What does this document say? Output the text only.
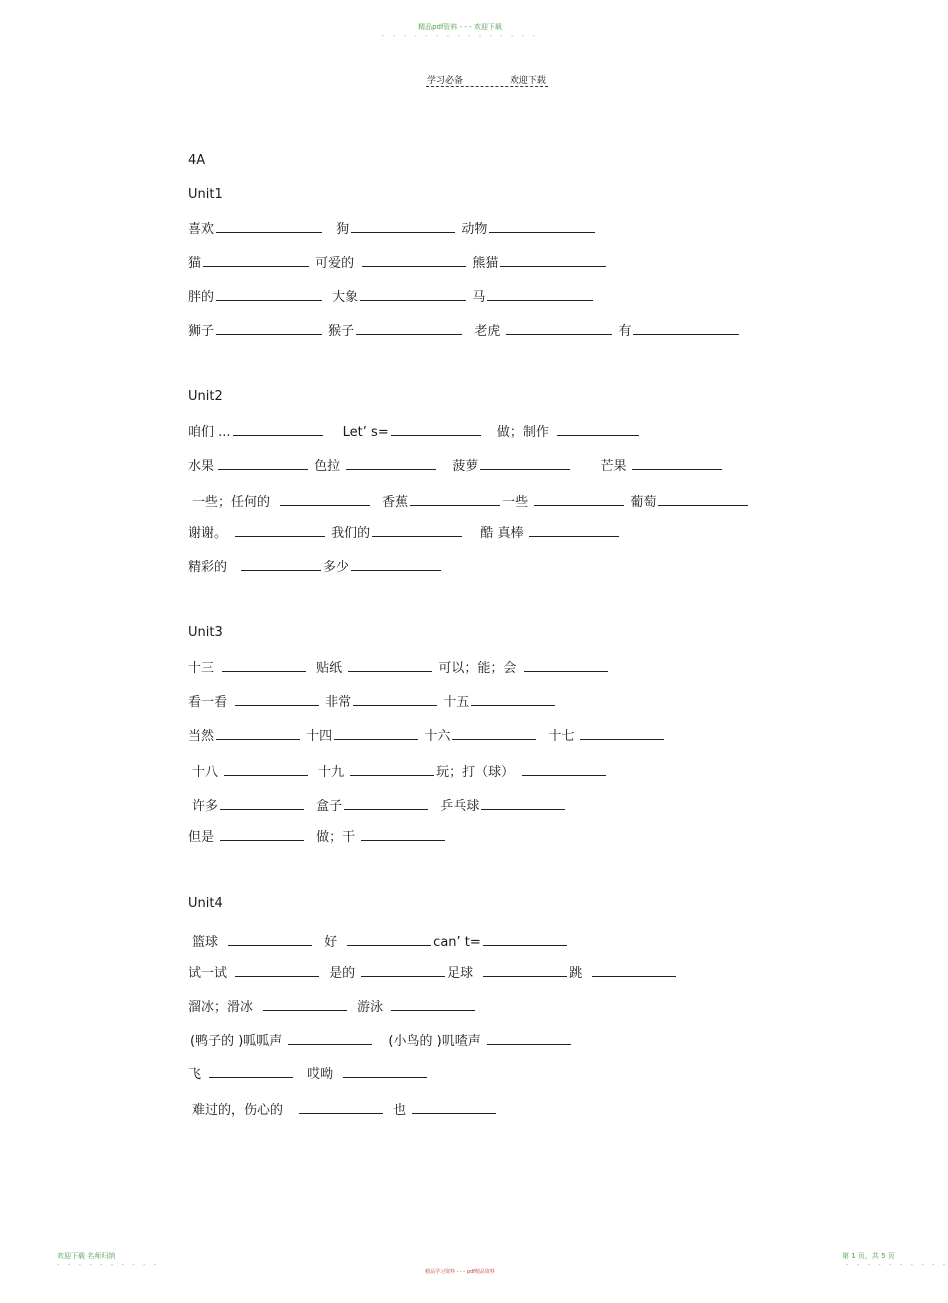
精品pdf资料 - - - 欢迎下载
- - - - - - - - - - - - - - -
学习必备	欢迎下载
4A
Unit1
喜欢	狗	动物
猫	可爱的	熊猫
胖的	大象	马
狮子	猴子	老虎	有
Unit2
咱们 ...	Let’ s=	做；制作
水果	色拉	菠萝	芒果
一些；任何的	香蕉	一些	葡萄
谢谢。	我们的	酷 真棒
精彩的	多少
Unit3
十三	贴纸	可以；能；会
看一看	非常	十五
当然	十四	十六	十七
十八	十九	玩；打（球）
许多	盒子	乒乓球
但是	做；干
Unit4
篮球	好	can’ t=
试一试	是的	足球	跳
溜冰；滑冰	游泳
(鸭子的 )呱呱声	(小鸟的 )叽喳声
飞	哎呦
难过的，伤心的	也
欢迎下载 名师归纳	第 1 页，共 5 页
- - - - - - - - - -	- - - - - - - - - -
精品学习资料 - - - pdf精品资料
